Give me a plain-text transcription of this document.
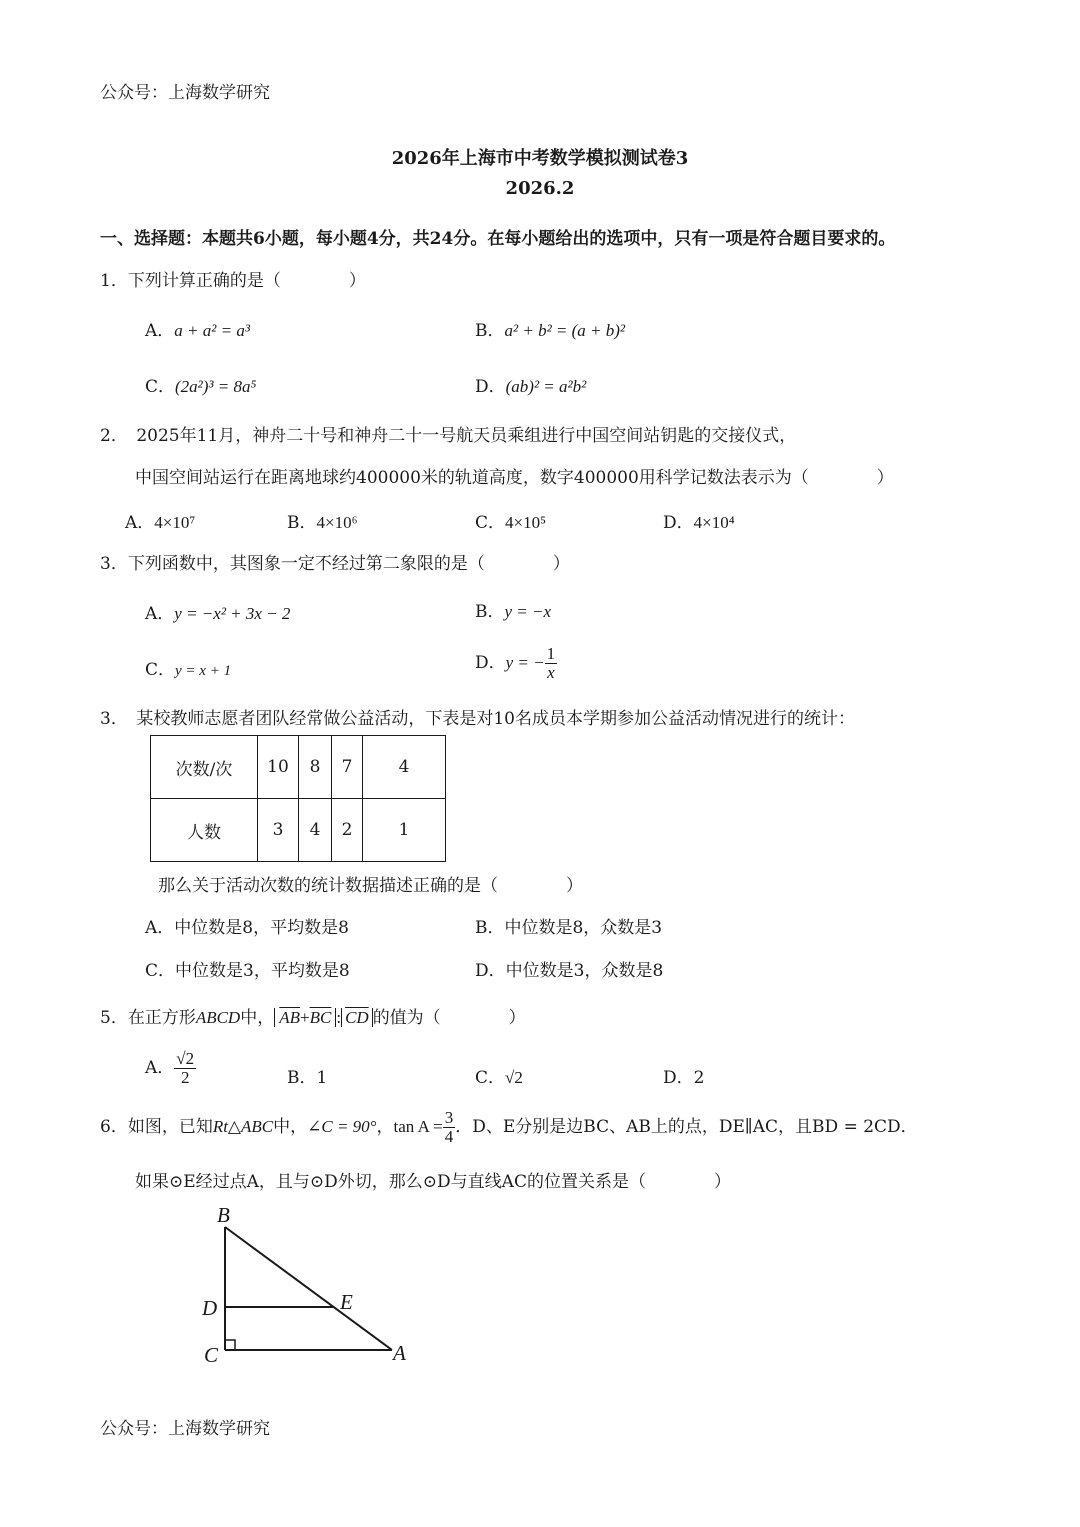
公众号：上海数学研究
公众号：上海数学研究
2026年上海市中考数学模拟测试卷3
2026.2
一、选择题：本题共6小题，每小题4分，共24分。在每小题给出的选项中，只有一项是符合题目要求的。
1．下列计算正确的是（　　　　）
A．a + a² = a³	B．a² + b² = (a + b)²
C．(2a²)³ = 8a⁵	D．(ab)² = a²b²
2．　2025年11月，神舟二十号和神舟二十一号航天员乘组进行中国空间站钥匙的交接仪式，
中国空间站运行在距离地球约400000米的轨道高度，数字400000用科学记数法表示为（　　　　）
A．4×10⁷	B．4×10⁶	C．4×10⁵	D．4×10⁴
3．下列函数中，其图象一定不经过第二象限的是（　　　　）
A．y = −x² + 3x − 2	B．y = −x
C．y = x + 1	D．y = − $\frac{1}{x}$
3．　某校教师志愿者团队经常做公益活动，下表是对10名成员本学期参加公益活动情况进行的统计：
次数/次	10	8	7	4
人数	3	4	2	1
那么关于活动次数的统计数据描述正确的是（　　　　）
A．中位数是8，平均数是8	B．中位数是8，众数是3
C．中位数是3，平均数是8	D．中位数是3，众数是8
5．在正方形ABCD中， $\overline{AB}+\overline{BC}$ : $\overline{CD}$ 的值为（　　　　）
A． $\frac{√2}{2}$	B．1	C．√2	D．2
6．如图，已知Rt△ABC中，∠C = 90°，$\tan A = \frac{3}{4}$ ．D、E分别是边BC、AB上的点，DE∥AC，且BD = 2CD．
如果⊙E经过点A，且与⊙D外切，那么⊙D与直线AC的位置关系是（　　　　）
B
D	E
C	A
